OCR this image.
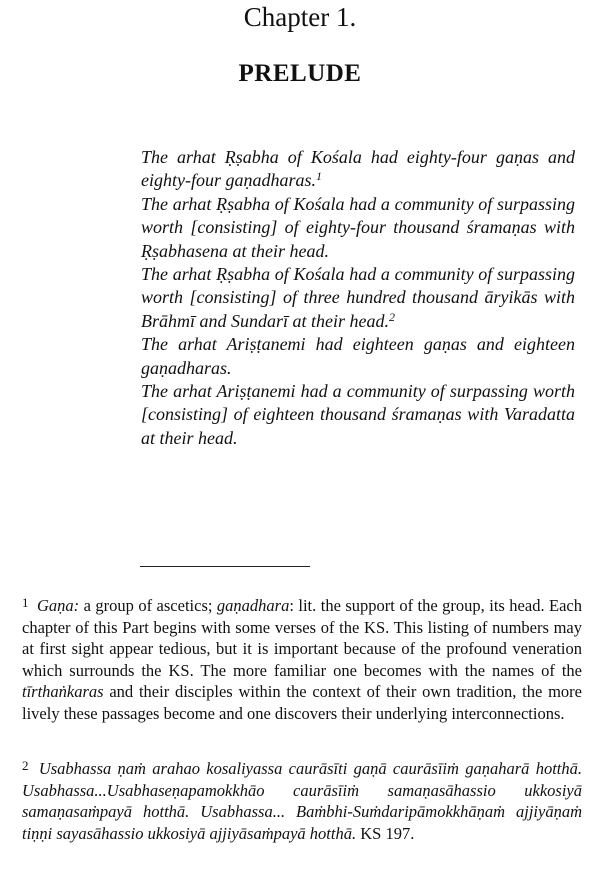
Chapter 1.
PRELUDE

The arhat Ṛṣabha of Kośala had eighty-four gaṇas and eighty-four gaṇadharas.$^1$

The arhat Ṛṣabha of Kośala had a community of surpassing worth [consisting] of eighty-four thousand śramaṇas with Ṛṣabhasena at their head.

The arhat Ṛṣabha of Kośala had a community of surpassing worth [consisting] of three hundred thousand āryikās with Brāhmī and Sundarī at their head.$^2$

The arhat Ariṣṭanemi had eighteen gaṇas and eighteen gaṇadharas.

The arhat Ariṣṭanemi had a community of surpassing worth [consisting] of eighteen thousand śramaṇas with Varadatta at their head.

$^1$ Gaṇa: a group of ascetics; gaṇadhara: lit. the support of the group, its head. Each chapter of this Part begins with some verses of the KS. This listing of numbers may at first sight appear tedious, but it is important because of the profound veneration which surrounds the KS. The more familiar one becomes with the names of the tīrthaṅkaras and their disciples within the context of their own tradition, the more lively these passages become and one discovers their underlying interconnections.
$^2$ Usabhassa ṇaṁ arahao kosaliyassa caurāsīti gaṇā caurāsīiṁ gaṇaharā hotthā. Usabhassa...Usabhaseṇapamokkhāo caurāsīiṁ samaṇasāhassio ukkosiyā samaṇasaṁpayā hotthā. Usabhassa... Baṁbhi-Suṁdaripāmokkhāṇaṁ ajjiyāṇaṁ tiṇṇi sayasāhassio ukkosiyā ajjiyāsaṁpayā hotthā. KS 197.
